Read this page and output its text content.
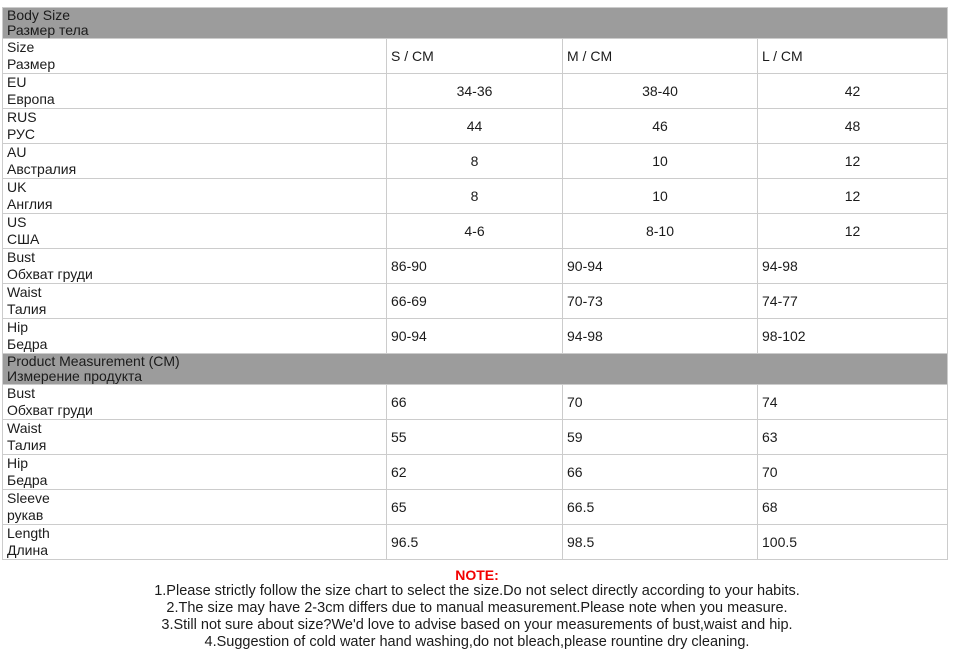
Body Size
Размер тела			

Size
Размер	S / CM	M / CM	L / CM

EU
Европа	34-36	38-40	42

RUS
РУС	44	46	48

AU
Австралия	8	10	12

UK
Англия	8	10	12

US
США	4-6	8-10	12

Bust
Обхват груди	86-90	90-94	94-98

Waist
Талия	66-69	70-73	74-77

Hip
Бедра	90-94	94-98	98-102

Product Measurement (CM)
Измерение продукта			

Bust
Обхват груди	66	70	74

Waist
Талия	55	59	63

Hip
Бедра	62	66	70

Sleeve
рукав	65	66.5	68

Length
Длина	96.5	98.5	100.5
NOTE:
1.Please strictly follow the size chart to select the size.Do not select directly according to your habits.
2.The size may have 2-3cm differs due to manual measurement.Please note when you measure.
3.Still not sure about size?We'd love to advise based on your measurements of bust,waist and hip.
4.Suggestion of cold water hand washing,do not bleach,please rountine dry cleaning.
